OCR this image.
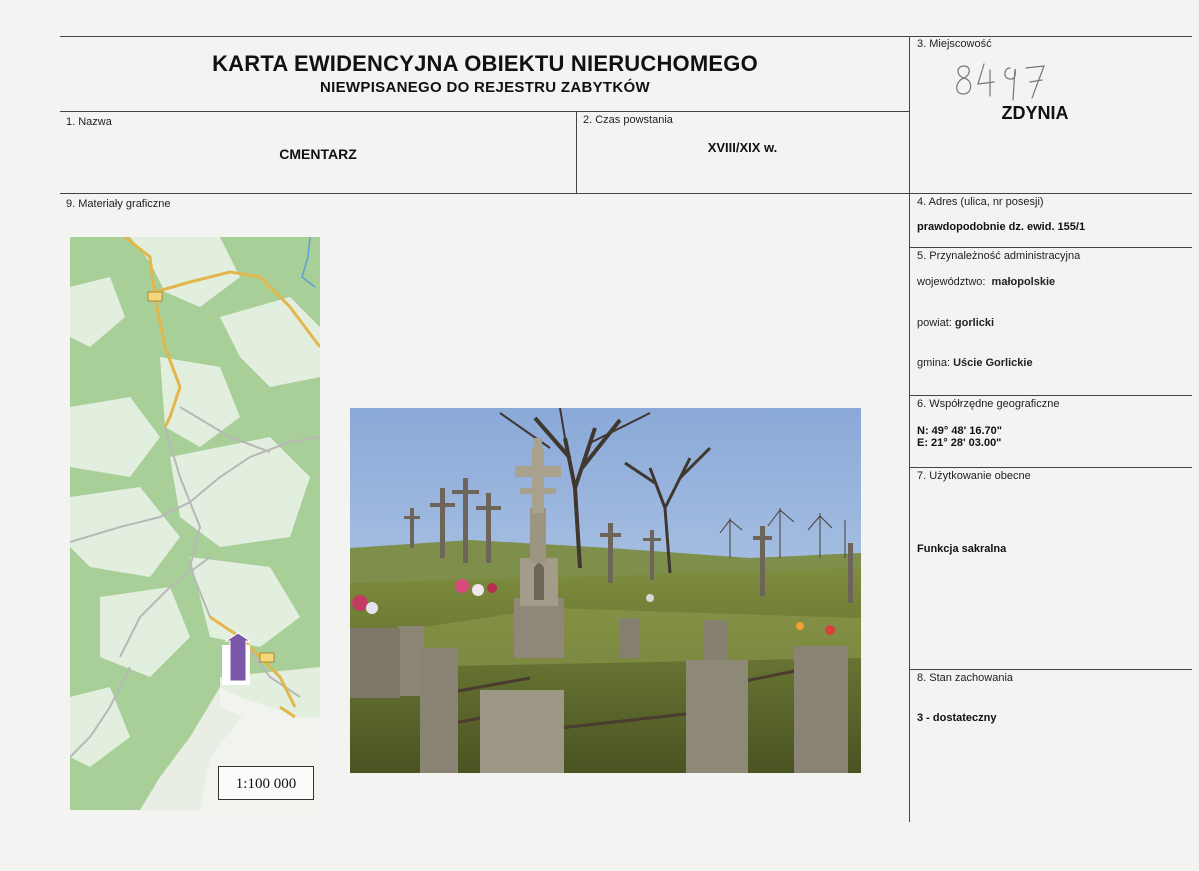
KARTA EWIDENCYJNA OBIEKTU NIERUCHOMEGO
NIEWPISANEGO DO REJESTRU ZABYTKÓW
1. Nazwa
CMENTARZ
2. Czas powstania
XVIII/XIX w.
3. Miejscowość
ZDYNIA
4. Adres (ulica, nr posesji)
prawdopodobnie dz. ewid. 155/1
5. Przynależność administracyjna
województwo: małopolskie
powiat: gorlicki
gmina: Uście Gorlickie
6. Współrzędne geograficzne
N: 49° 48' 16.70"
E: 21° 28' 03.00"
7. Użytkowanie obecne
Funkcja sakralna
8. Stan zachowania
3 - dostateczny
9. Materiały graficzne
1:100 000
